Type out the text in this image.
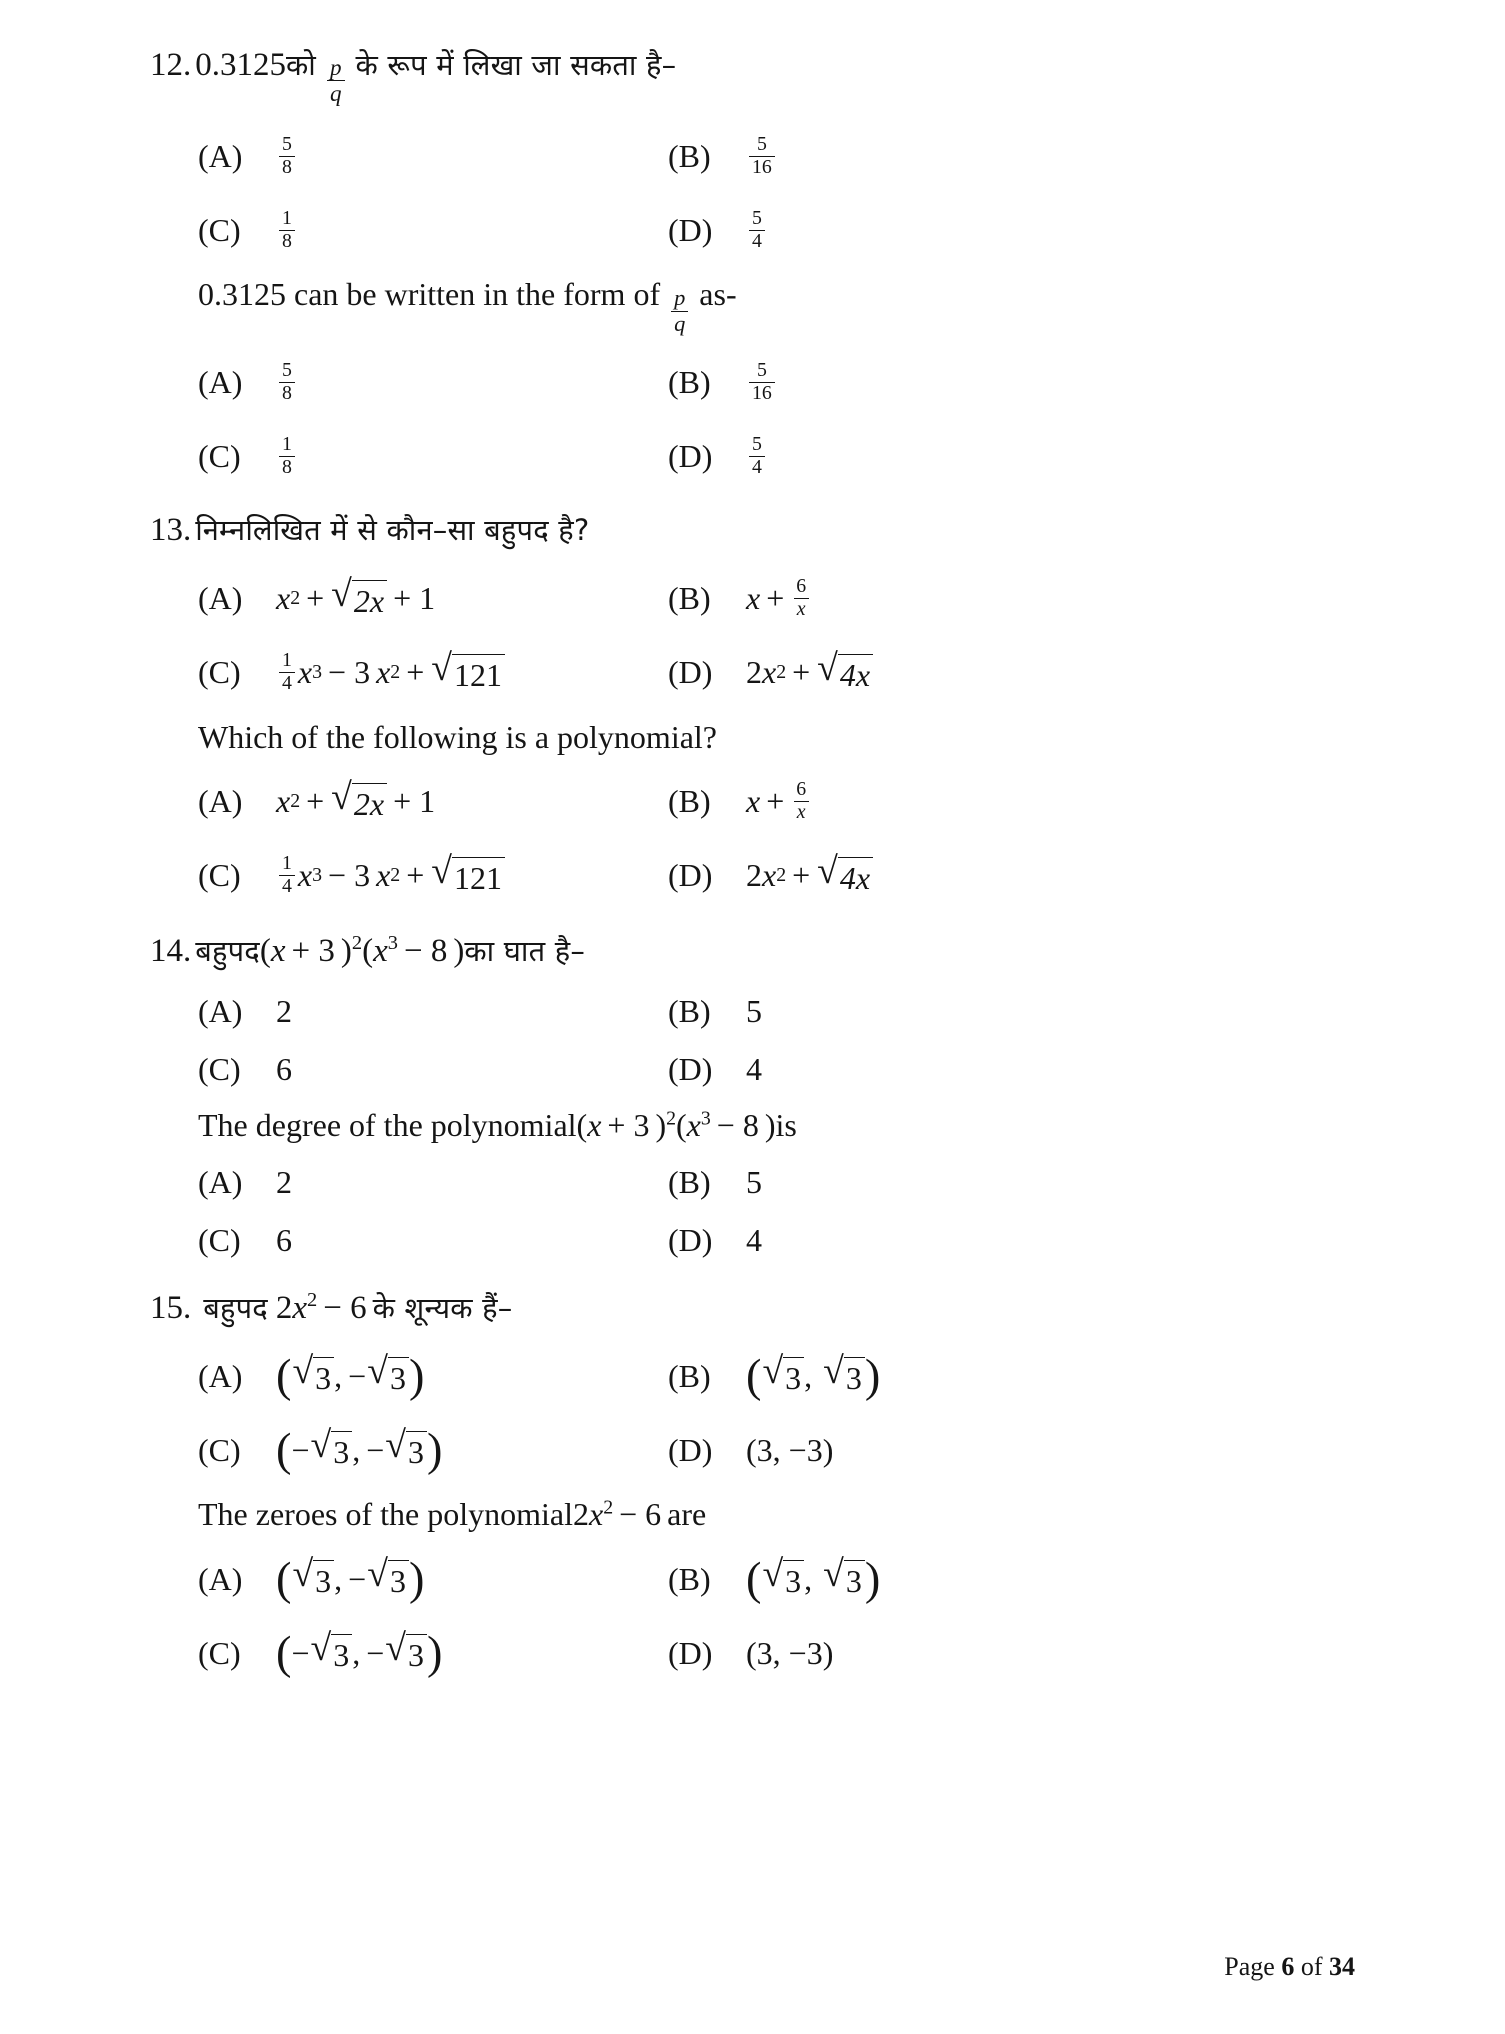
12. 0.3125 को $\frac{p}{q}$ के रूप में लिखा जा सकता है–
(A)	$\frac{5}{8}$	(B)	$\frac{5}{16}$
(C)	$\frac{1}{8}$	(D)	$\frac{5}{4}$
0.3125 can be written in the form of $\frac{p}{q} as-$
(A)	$\frac{5}{8}$	(B)	$\frac{5}{16}$
(C)	$\frac{1}{8}$	(D)	$\frac{5}{4}$
13. निम्नलिखित में से कौन–सा बहुपद है?
(A)	x 2 + √ 2x + 1	(B)	$x + \frac{6}{x}$
(C)	$\frac{1}{4}$ x 3 − 3 x 2 + √ 121	(D)	2 x 2 + √ 4x
Which of the following is a polynomial?
(A)	x 2 + √ 2x + 1	(B)	$x + \frac{6}{x}$
(C)	$\frac{1}{4}$ x 3 − 3 x 2 + √ 121	(D)	2 x 2 + √ 4x
14. बहुपद (x + 3 )$^2(x^3 - 8$ ) का घात है–
(A)	2	(B)	5
(C)	6	(D)	4
The degree of the polynomial (x + 3 )$^2(x^3 - 8$ ) is
(A)	2	(B)	5
(C)	6	(D)	4
15. बहुपद $2x^2 - 6$ के शून्यक हैं–
(A) ( √ 3 , − √ 3 )	(B) ( √ 3 , √ 3 )
(C) ( − √ 3 , − √ 3 )	(D)	(3, −3)
The zeroes of the polynomial $2x^2 - 6$ are
(A) ( √ 3 , − √ 3 )	(B) ( √ 3 , √ 3 )
(C) ( − √ 3 , − √ 3 )	(D)	(3, −3)
Page 6 of 34
